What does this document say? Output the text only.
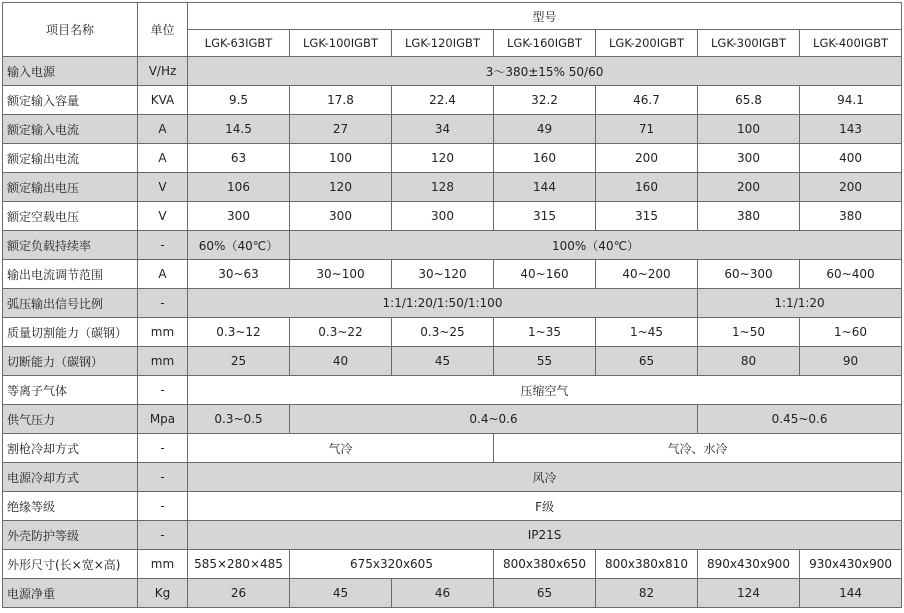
项目名称	单位	型号						
		LGK-63IGBT	LGK-100IGBT	LGK-120IGBT	LGK-160IGBT	LGK-200IGBT	LGK-300IGBT	LGK-400IGBT
输入电源	V/Hz	3～380±15% 50/60						
额定输入容量	KVA	9.5	17.8	22.4	32.2	46.7	65.8	94.1
额定输入电流	A	14.5	27	34	49	71	100	143
额定输出电流	A	63	100	120	160	200	300	400
额定输出电压	V	106	120	128	144	160	200	200
额定空载电压	V	300	300	300	315	315	380	380
额定负载持续率	-	60%（40℃）	100%（40℃）					
输出电流调节范围	A	30~63	30~100	30~120	40~160	40~200	60~300	60~400
弧压输出信号比例	-	1:1/1:20/1:50/1:100					1:1/1:20	
质量切割能力（碳钢）	mm	0.3~12	0.3~22	0.3~25	1~35	1~45	1~50	1~60
切断能力（碳钢）	mm	25	40	45	55	65	80	90
等离子气体	-	压缩空气						
供气压力	Mpa	0.3~0.5	0.4~0.6				0.45~0.6	
割枪冷却方式	-	气冷			气冷、水冷			
电源冷却方式	-	风冷						
绝缘等级	-	F级						
外壳防护等级	-	IP21S						
外形尺寸(长×宽×高)	mm	585×280×485	675x320x605		800x380x650	800x380x810	890x430x900	930x430x900
电源净重	Kg	26	45	46	65	82	124	144
